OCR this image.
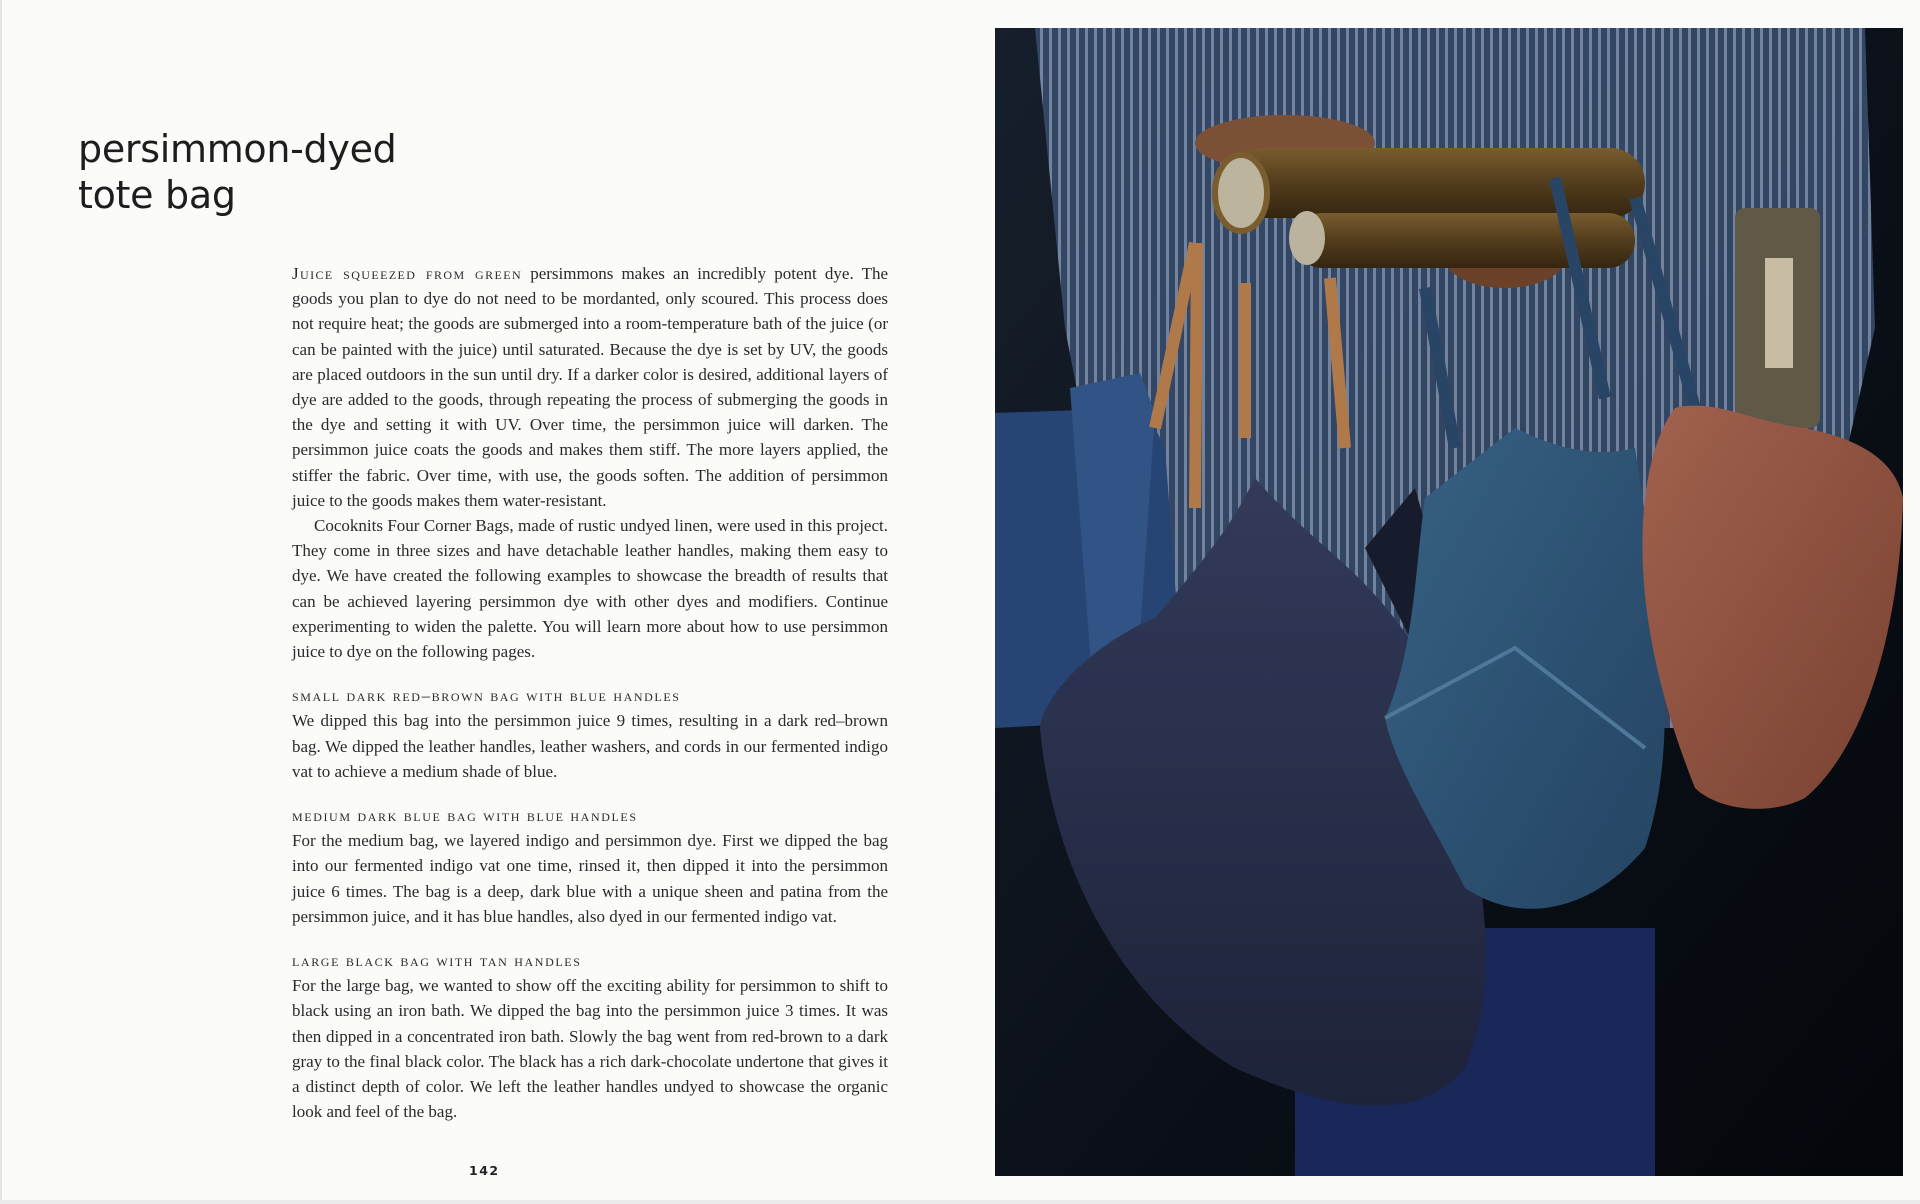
persimmon-dyed
tote bag

Juice squeezed from green persimmons makes an incredibly potent dye. The goods you plan to dye do not need to be mordanted, only scoured. This process does not require heat; the goods are submerged into a room-temperature bath of the juice (or can be painted with the juice) until saturated. Because the dye is set by UV, the goods are placed outdoors in the sun until dry. If a darker color is desired, additional layers of dye are added to the goods, through repeating the process of submerging the goods in the dye and setting it with UV. Over time, the persimmon juice will darken. The persimmon juice coats the goods and makes them stiff. The more layers applied, the stiffer the fabric. Over time, with use, the goods soften. The addition of persimmon juice to the goods makes them water-resistant.

Cocoknits Four Corner Bags, made of rustic undyed linen, were used in this project. They come in three sizes and have detachable leather handles, making them easy to dye. We have created the following examples to showcase the breadth of results that can be achieved layering persimmon dye with other dyes and modifiers. Continue experimenting to widen the palette. You will learn more about how to use persimmon juice to dye on the following pages.

small dark red–brown bag with blue handles

We dipped this bag into the persimmon juice 9 times, resulting in a dark red–brown bag. We dipped the leather handles, leather washers, and cords in our fermented indigo vat to achieve a medium shade of blue.

medium dark blue bag with blue handles

For the medium bag, we layered indigo and persimmon dye. First we dipped the bag into our fermented indigo vat one time, rinsed it, then dipped it into the persimmon juice 6 times. The bag is a deep, dark blue with a unique sheen and patina from the persimmon juice, and it has blue handles, also dyed in our fermented indigo vat.

large black bag with tan handles

For the large bag, we wanted to show off the exciting ability for persimmon to shift to black using an iron bath. We dipped the bag into the persimmon juice 3 times. It was then dipped in a concentrated iron bath. Slowly the bag went from red-brown to a dark gray to the final black color. The black has a rich dark-chocolate undertone that gives it a distinct depth of color. We left the leather handles undyed to showcase the organic look and feel of the bag.

142
